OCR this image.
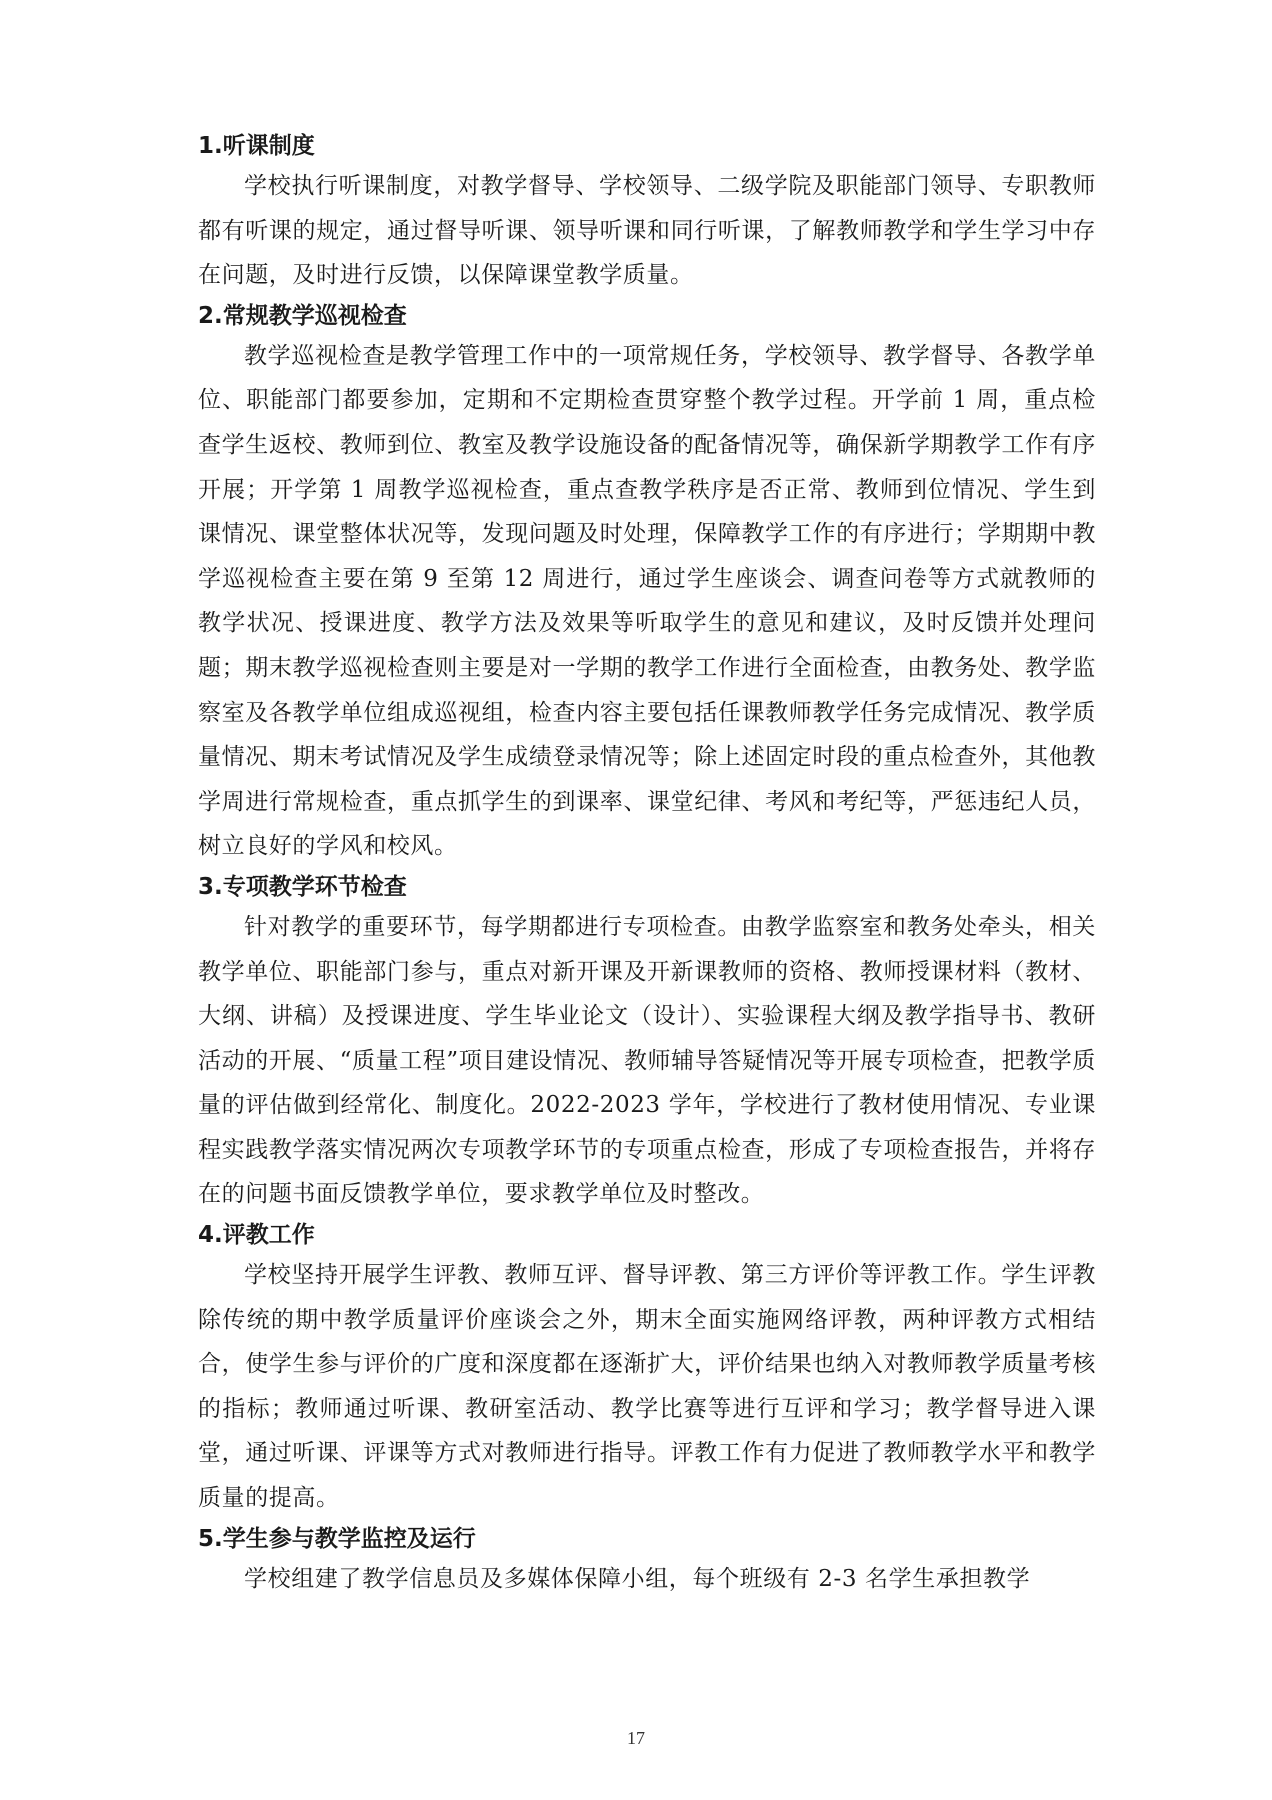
1.听课制度

学校执行听课制度，对教学督导、学校领导、二级学院及职能部门领导、专职教师都有听课的规定，通过督导听课、领导听课和同行听课，了解教师教学和学生学习中存在问题，及时进行反馈，以保障课堂教学质量。

2.常规教学巡视检查

教学巡视检查是教学管理工作中的一项常规任务，学校领导、教学督导、各教学单位、职能部门都要参加，定期和不定期检查贯穿整个教学过程。开学前 1 周，重点检查学生返校、教师到位、教室及教学设施设备的配备情况等，确保新学期教学工作有序开展；开学第 1 周教学巡视检查，重点查教学秩序是否正常、教师到位情况、学生到课情况、课堂整体状况等，发现问题及时处理，保障教学工作的有序进行；学期期中教学巡视检查主要在第 9 至第 12 周进行，通过学生座谈会、调查问卷等方式就教师的教学状况、授课进度、教学方法及效果等听取学生的意见和建议，及时反馈并处理问题；期末教学巡视检查则主要是对一学期的教学工作进行全面检查，由教务处、教学监察室及各教学单位组成巡视组，检查内容主要包括任课教师教学任务完成情况、教学质量情况、期末考试情况及学生成绩登录情况等；除上述固定时段的重点检查外，其他教学周进行常规检查，重点抓学生的到课率、课堂纪律、考风和考纪等，严惩违纪人员，树立良好的学风和校风。

3.专项教学环节检查

针对教学的重要环节，每学期都进行专项检查。由教学监察室和教务处牵头，相关教学单位、职能部门参与，重点对新开课及开新课教师的资格、教师授课材料（教材、大纲、讲稿）及授课进度、学生毕业论文（设计）、实验课程大纲及教学指导书、教研活动的开展、“质量工程”项目建设情况、教师辅导答疑情况等开展专项检查，把教学质量的评估做到经常化、制度化。2022-2023 学年，学校进行了教材使用情况、专业课程实践教学落实情况两次专项教学环节的专项重点检查，形成了专项检查报告，并将存在的问题书面反馈教学单位，要求教学单位及时整改。

4.评教工作

学校坚持开展学生评教、教师互评、督导评教、第三方评价等评教工作。学生评教除传统的期中教学质量评价座谈会之外，期末全面实施网络评教，两种评教方式相结合，使学生参与评价的广度和深度都在逐渐扩大，评价结果也纳入对教师教学质量考核的指标；教师通过听课、教研室活动、教学比赛等进行互评和学习；教学督导进入课堂，通过听课、评课等方式对教师进行指导。评教工作有力促进了教师教学水平和教学质量的提高。

5.学生参与教学监控及运行

学校组建了教学信息员及多媒体保障小组，每个班级有 2-3 名学生承担教学

17
